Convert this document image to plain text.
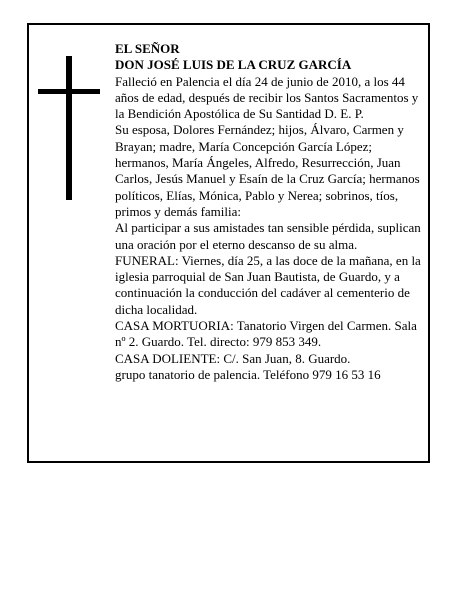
EL SEÑOR

DON JOSÉ LUIS DE LA CRUZ GARCÍA

Falleció en Palencia el día 24 de junio de 2010, a los 44 años de edad, después de recibir los Santos Sacramentos y la Bendición Apostólica de Su Santidad D. E. P.

Su esposa, Dolores Fernández; hijos, Álvaro, Carmen y Brayan; madre, María Concepción García López; hermanos, María Ángeles, Alfredo, Resurrección, Juan Carlos, Jesús Manuel y Esaín de la Cruz García; hermanos políticos, Elías, Mónica, Pablo y Nerea; sobrinos, tíos, primos y demás familia:

Al participar a sus amistades tan sensible pérdida, suplican una oración por el eterno descanso de su alma.

FUNERAL: Viernes, día 25, a las doce de la mañana, en la iglesia parroquial de San Juan Bautista, de Guardo, y a continuación la conducción del cadáver al cementerio de dicha localidad.

CASA MORTUORIA: Tanatorio Virgen del Carmen. Sala nº 2. Guardo. Tel. directo: 979 853 349.

CASA DOLIENTE: C/. San Juan, 8. Guardo.

grupo tanatorio de palencia. Teléfono 979 16 53 16
